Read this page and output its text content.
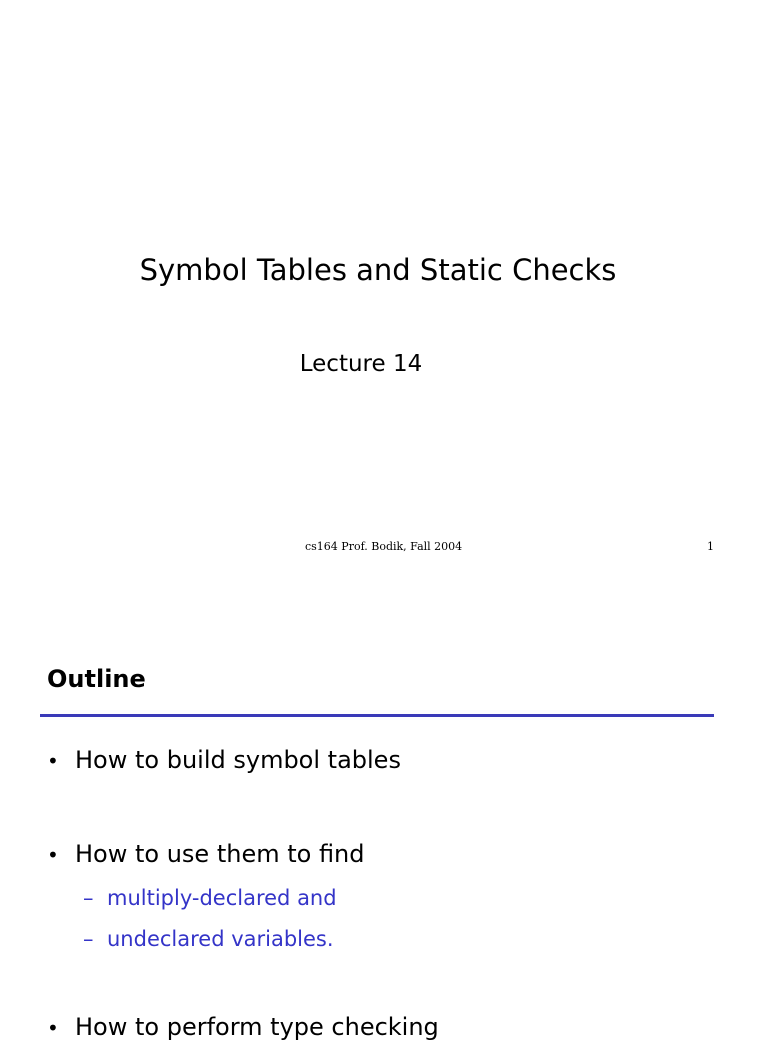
Symbol Tables and Static Checks
Lecture 14
cs164 Prof. Bodik, Fall 2004	1
Outline
• How to build symbol tables
• How to use them to find
– multiply-declared and
– undeclared variables.
• How to perform type checking
